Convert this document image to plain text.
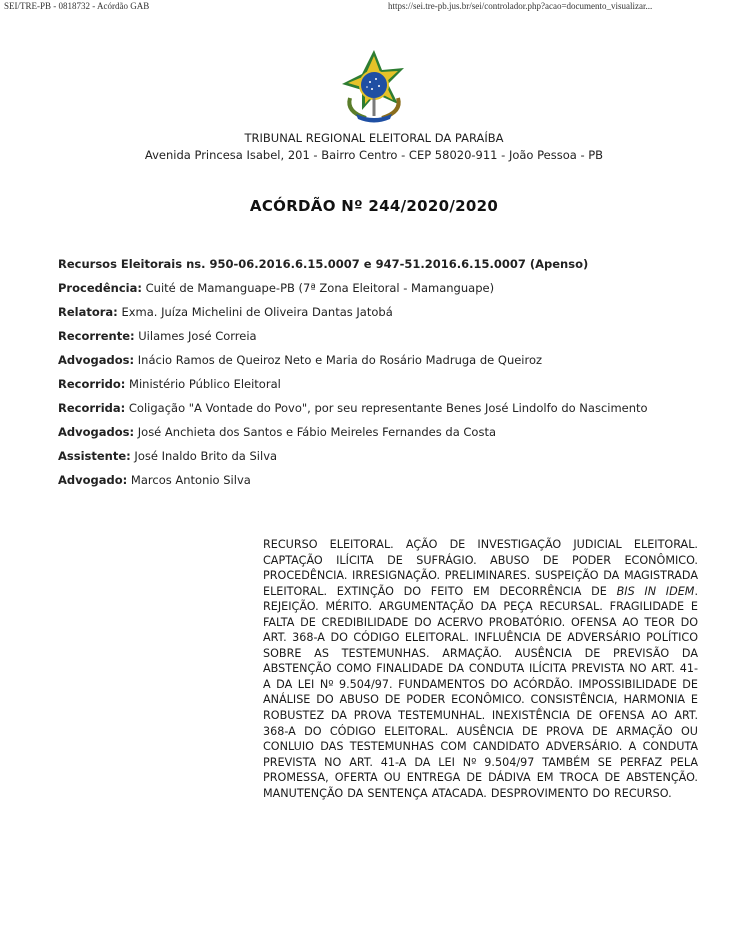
SEI/TRE-PB - 0818732 - Acórdão GAB	https://sei.tre-pb.jus.br/sei/controlador.php?acao=documento_visualizar...
TRIBUNAL REGIONAL ELEITORAL DA PARAÍBA
Avenida Princesa Isabel, 201 - Bairro Centro - CEP 58020-911 - João Pessoa - PB
ACÓRDÃO Nº 244/2020/2020
Recursos Eleitorais ns. 950-06.2016.6.15.0007 e 947-51.2016.6.15.0007 (Apenso)
Procedência: Cuité de Mamanguape-PB (7ª Zona Eleitoral - Mamanguape)
Relatora: Exma. Juíza Michelini de Oliveira Dantas Jatobá
Recorrente: Uilames José Correia
Advogados: Inácio Ramos de Queiroz Neto e Maria do Rosário Madruga de Queiroz
Recorrido: Ministério Público Eleitoral
Recorrida: Coligação "A Vontade do Povo", por seu representante Benes José Lindolfo do Nascimento
Advogados: José Anchieta dos Santos e Fábio Meireles Fernandes da Costa
Assistente: José Inaldo Brito da Silva
Advogado: Marcos Antonio Silva
RECURSO ELEITORAL. AÇÃO DE INVESTIGAÇÃO JUDICIAL ELEITORAL. CAPTAÇÃO ILÍCITA DE SUFRÁGIO. ABUSO DE PODER ECONÔMICO. PROCEDÊNCIA. IRRESIGNAÇÃO. PRELIMINARES. SUSPEIÇÃO DA MAGISTRADA ELEITORAL. EXTINÇÃO DO FEITO EM DECORRÊNCIA DE BIS IN IDEM. REJEIÇÃO. MÉRITO. ARGUMENTAÇÃO DA PEÇA RECURSAL. FRAGILIDADE E FALTA DE CREDIBILIDADE DO ACERVO PROBATÓRIO. OFENSA AO TEOR DO ART. 368-A DO CÓDIGO ELEITORAL. INFLUÊNCIA DE ADVERSÁRIO POLÍTICO SOBRE AS TESTEMUNHAS. ARMAÇÃO. AUSÊNCIA DE PREVISÃO DA ABSTENÇÃO COMO FINALIDADE DA CONDUTA ILÍCITA PREVISTA NO ART. 41-A DA LEI Nº 9.504/97. FUNDAMENTOS DO ACÓRDÃO. IMPOSSIBILIDADE DE ANÁLISE DO ABUSO DE PODER ECONÔMICO. CONSISTÊNCIA, HARMONIA E ROBUSTEZ DA PROVA TESTEMUNHAL. INEXISTÊNCIA DE OFENSA AO ART. 368-A DO CÓDIGO ELEITORAL. AUSÊNCIA DE PROVA DE ARMAÇÃO OU CONLUIO DAS TESTEMUNHAS COM CANDIDATO ADVERSÁRIO. A CONDUTA PREVISTA NO ART. 41-A DA LEI Nº 9.504/97 TAMBÉM SE PERFAZ PELA PROMESSA, OFERTA OU ENTREGA DE DÁDIVA EM TROCA DE ABSTENÇÃO. MANUTENÇÃO DA SENTENÇA ATACADA. DESPROVIMENTO DO RECURSO.
